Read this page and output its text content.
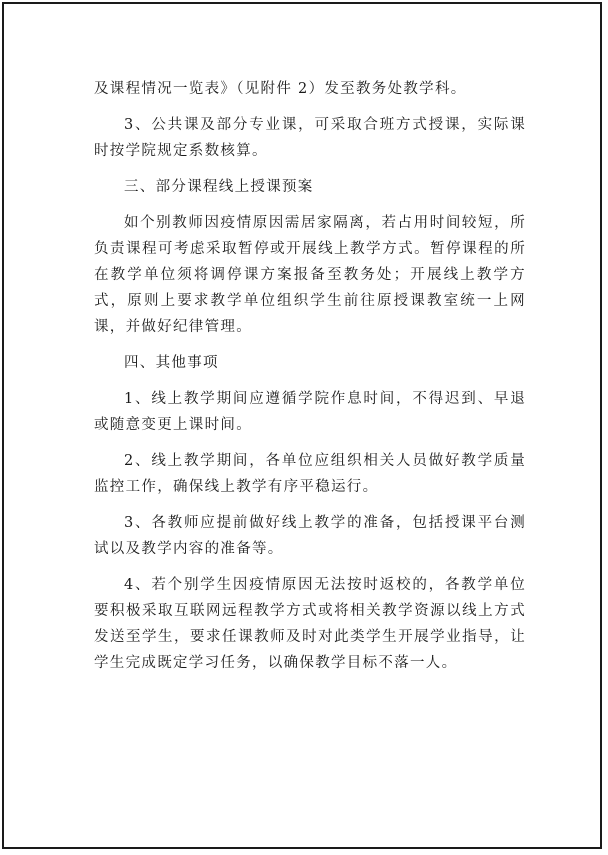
及课程情况一览表》（见附件 2）发至教务处教学科。

3、公共课及部分专业课，可采取合班方式授课，实际课时按学院规定系数核算。

三、部分课程线上授课预案

如个别教师因疫情原因需居家隔离，若占用时间较短，所负责课程可考虑采取暂停或开展线上教学方式。暂停课程的所在教学单位须将调停课方案报备至教务处；开展线上教学方式，原则上要求教学单位组织学生前往原授课教室统一上网课，并做好纪律管理。

四、其他事项

1、线上教学期间应遵循学院作息时间，不得迟到、早退或随意变更上课时间。

2、线上教学期间，各单位应组织相关人员做好教学质量监控工作，确保线上教学有序平稳运行。

3、各教师应提前做好线上教学的准备，包括授课平台测试以及教学内容的准备等。

4、若个别学生因疫情原因无法按时返校的，各教学单位要积极采取互联网远程教学方式或将相关教学资源以线上方式发送至学生，要求任课教师及时对此类学生开展学业指导，让学生完成既定学习任务，以确保教学目标不落一人。
